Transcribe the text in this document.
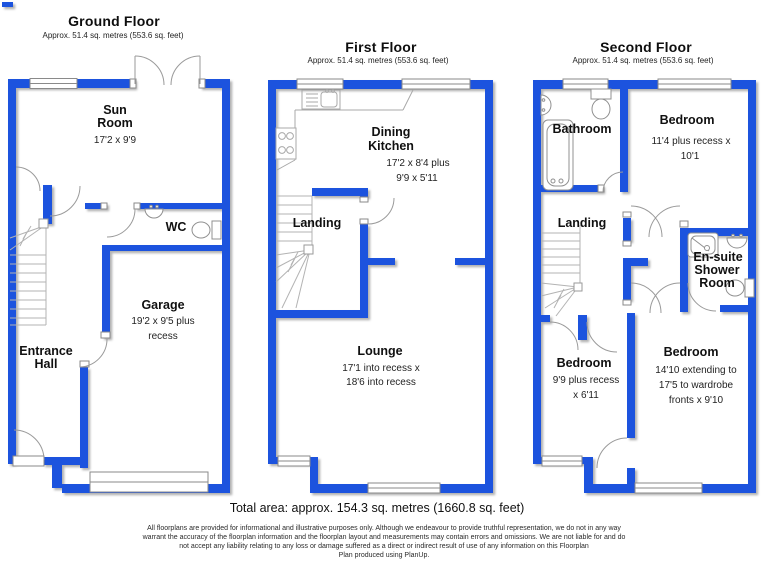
Ground Floor
Approx. 51.4 sq. metres (553.6 sq. feet)
Sun
Room
17'2 x 9'9
WC
Garage
19'2 x 9'5 plus
recess
Entrance
Hall
First Floor
Approx. 51.4 sq. metres (553.6 sq. feet)
Dining
Kitchen
17'2 x 8'4 plus
9'9 x 5'11
Landing
Lounge
17'1 into recess x
18'6 into recess
Second Floor
Approx. 51.4 sq. metres (553.6 sq. feet)
Bathroom
Bedroom
11'4 plus recess x
10'1
Landing
En-suite
Shower
Room
Bedroom
9'9 plus recess
x 6'11
Bedroom
14'10 extending to
17'5 to wardrobe
fronts x 9'10
Total area: approx. 154.3 sq. metres (1660.8 sq. feet)
All floorplans are provided for informational and illustrative purposes only. Although we endeavour to provide truthful representation, we do not in any way
warrant the accuracy of the floorplan information and the floorplan layout and measurements may contain errors and omissions. We are not liable for and do
not accept any liability relating to any loss or damage suffered as a direct or indirect result of use of any information on this Floorplan
Plan produced using PlanUp.
